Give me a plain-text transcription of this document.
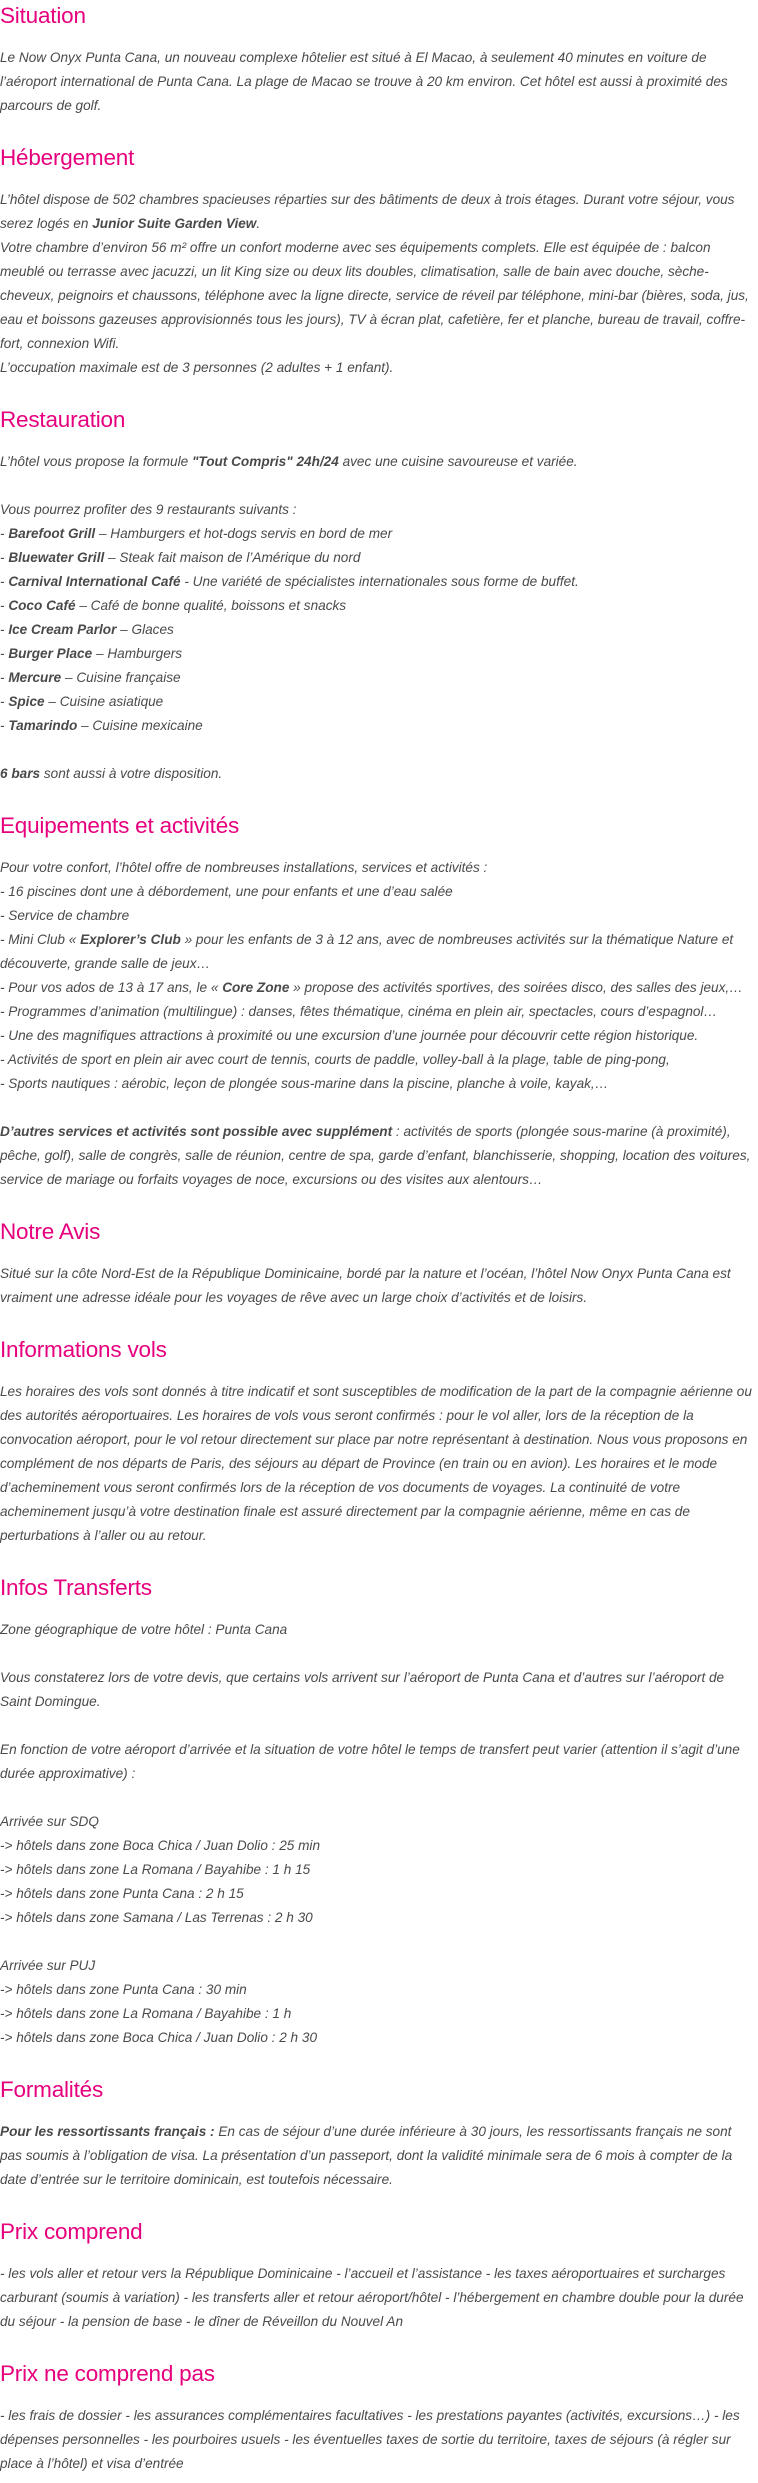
Situation

Le Now Onyx Punta Cana, un nouveau complexe hôtelier est situé à El Macao, à seulement 40 minutes en voiture de l’aéroport international de Punta Cana. La plage de Macao se trouve à 20 km environ. Cet hôtel est aussi à proximité des parcours de golf.

Hébergement

L’hôtel dispose de 502 chambres spacieuses réparties sur des bâtiments de deux à trois étages. Durant votre séjour, vous serez logés en Junior Suite Garden View.

Votre chambre d’environ 56 m² offre un confort moderne avec ses équipements complets. Elle est équipée de : balcon meublé ou terrasse avec jacuzzi, un lit King size ou deux lits doubles, climatisation, salle de bain avec douche, sèche-cheveux, peignoirs et chaussons, téléphone avec la ligne directe, service de réveil par téléphone, mini-bar (bières, soda, jus, eau et boissons gazeuses approvisionnés tous les jours), TV à écran plat, cafetière, fer et planche, bureau de travail, coffre-fort, connexion Wifi.

L’occupation maximale est de 3 personnes (2 adultes + 1 enfant).

Restauration

L’hôtel vous propose la formule "Tout Compris" 24h/24 avec une cuisine savoureuse et variée.

Vous pourrez profiter des 9 restaurants suivants :

- Barefoot Grill – Hamburgers et hot-dogs servis en bord de mer
- Bluewater Grill – Steak fait maison de l’Amérique du nord
- Carnival International Café - Une variété de spécialistes internationales sous forme de buffet.
- Coco Café – Café de bonne qualité, boissons et snacks
- Ice Cream Parlor – Glaces
- Burger Place – Hamburgers
- Mercure – Cuisine française
- Spice – Cuisine asiatique
- Tamarindo – Cuisine mexicaine

6 bars sont aussi à votre disposition.

Equipements et activités

Pour votre confort, l’hôtel offre de nombreuses installations, services et activités :

- 16 piscines dont une à débordement, une pour enfants et une d’eau salée

- Service de chambre

- Mini Club « Explorer’s Club » pour les enfants de 3 à 12 ans, avec de nombreuses activités sur la thématique Nature et découverte, grande salle de jeux…

- Pour vos ados de 13 à 17 ans, le « Core Zone » propose des activités sportives, des soirées disco, des salles des jeux,…

- Programmes d’animation (multilingue) : danses, fêtes thématique, cinéma en plein air, spectacles, cours d’espagnol…

- Une des magnifiques attractions à proximité ou une excursion d’une journée pour découvrir cette région historique.

- Activités de sport en plein air avec court de tennis, courts de paddle, volley-ball à la plage, table de ping-pong,

- Sports nautiques : aérobic, leçon de plongée sous-marine dans la piscine, planche à voile, kayak,…

D’autres services et activités sont possible avec supplément : activités de sports (plongée sous-marine (à proximité), pêche, golf), salle de congrès, salle de réunion, centre de spa, garde d’enfant, blanchisserie, shopping, location des voitures, service de mariage ou forfaits voyages de noce, excursions ou des visites aux alentours…

Notre Avis

Situé sur la côte Nord-Est de la République Dominicaine, bordé par la nature et l’océan, l’hôtel Now Onyx Punta Cana est vraiment une adresse idéale pour les voyages de rêve avec un large choix d’activités et de loisirs.

Informations vols

Les horaires des vols sont donnés à titre indicatif et sont susceptibles de modification de la part de la compagnie aérienne ou des autorités aéroportuaires. Les horaires de vols vous seront confirmés : pour le vol aller, lors de la réception de la convocation aéroport, pour le vol retour directement sur place par notre représentant à destination. Nous vous proposons en complément de nos départs de Paris, des séjours au départ de Province (en train ou en avion). Les horaires et le mode d’acheminement vous seront confirmés lors de la réception de vos documents de voyages. La continuité de votre acheminement jusqu’à votre destination finale est assuré directement par la compagnie aérienne, même en cas de perturbations à l’aller ou au retour.

Infos Transferts

Zone géographique de votre hôtel : Punta Cana

Vous constaterez lors de votre devis, que certains vols arrivent sur l’aéroport de Punta Cana et d’autres sur l’aéroport de Saint Domingue.

En fonction de votre aéroport d’arrivée et la situation de votre hôtel le temps de transfert peut varier (attention il s’agit d’une durée approximative) :

Arrivée sur SDQ

-> hôtels dans zone Boca Chica / Juan Dolio : 25 min

-> hôtels dans zone La Romana / Bayahibe : 1 h 15

-> hôtels dans zone Punta Cana : 2 h 15

-> hôtels dans zone Samana / Las Terrenas : 2 h 30

Arrivée sur PUJ

-> hôtels dans zone Punta Cana : 30 min

-> hôtels dans zone La Romana / Bayahibe : 1 h

-> hôtels dans zone Boca Chica / Juan Dolio : 2 h 30

Formalités

Pour les ressortissants français : En cas de séjour d’une durée inférieure à 30 jours, les ressortissants français ne sont pas soumis à l’obligation de visa. La présentation d’un passeport, dont la validité minimale sera de 6 mois à compter de la date d’entrée sur le territoire dominicain, est toutefois nécessaire.

Prix comprend

- les vols aller et retour vers la République Dominicaine - l’accueil et l’assistance - les taxes aéroportuaires et surcharges carburant (soumis à variation) - les transferts aller et retour aéroport/hôtel - l’hébergement en chambre double pour la durée du séjour - la pension de base - le dîner de Réveillon du Nouvel An

Prix ne comprend pas

- les frais de dossier - les assurances complémentaires facultatives - les prestations payantes (activités, excursions…) - les dépenses personnelles - les pourboires usuels - les éventuelles taxes de sortie du territoire, taxes de séjours (à régler sur place à l’hôtel) et visa d’entrée
